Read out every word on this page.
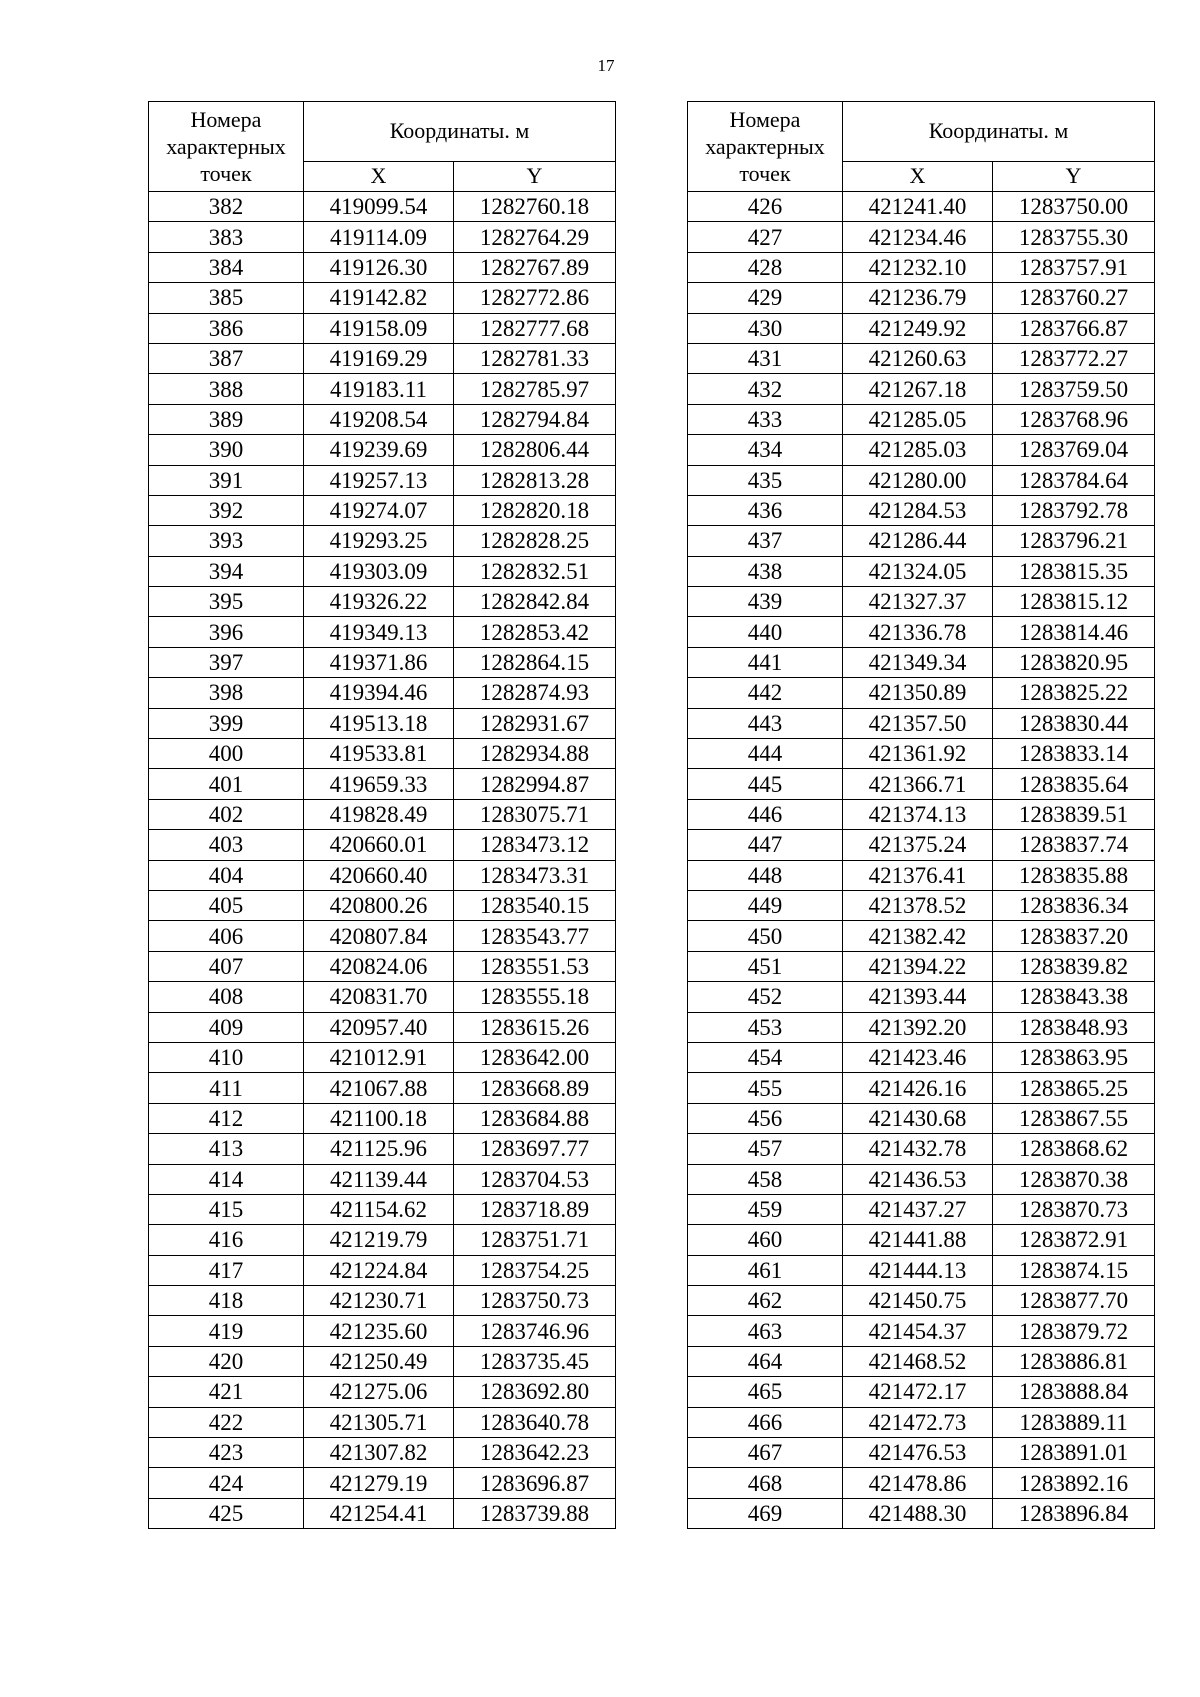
17
Номера характерных точек	Координаты. м	
	X	Y
382	419099.54	1282760.18
383	419114.09	1282764.29
384	419126.30	1282767.89
385	419142.82	1282772.86
386	419158.09	1282777.68
387	419169.29	1282781.33
388	419183.11	1282785.97
389	419208.54	1282794.84
390	419239.69	1282806.44
391	419257.13	1282813.28
392	419274.07	1282820.18
393	419293.25	1282828.25
394	419303.09	1282832.51
395	419326.22	1282842.84
396	419349.13	1282853.42
397	419371.86	1282864.15
398	419394.46	1282874.93
399	419513.18	1282931.67
400	419533.81	1282934.88
401	419659.33	1282994.87
402	419828.49	1283075.71
403	420660.01	1283473.12
404	420660.40	1283473.31
405	420800.26	1283540.15
406	420807.84	1283543.77
407	420824.06	1283551.53
408	420831.70	1283555.18
409	420957.40	1283615.26
410	421012.91	1283642.00
411	421067.88	1283668.89
412	421100.18	1283684.88
413	421125.96	1283697.77
414	421139.44	1283704.53
415	421154.62	1283718.89
416	421219.79	1283751.71
417	421224.84	1283754.25
418	421230.71	1283750.73
419	421235.60	1283746.96
420	421250.49	1283735.45
421	421275.06	1283692.80
422	421305.71	1283640.78
423	421307.82	1283642.23
424	421279.19	1283696.87
425	421254.41	1283739.88
Номера характерных точек	Координаты. м	
	X	Y
426	421241.40	1283750.00
427	421234.46	1283755.30
428	421232.10	1283757.91
429	421236.79	1283760.27
430	421249.92	1283766.87
431	421260.63	1283772.27
432	421267.18	1283759.50
433	421285.05	1283768.96
434	421285.03	1283769.04
435	421280.00	1283784.64
436	421284.53	1283792.78
437	421286.44	1283796.21
438	421324.05	1283815.35
439	421327.37	1283815.12
440	421336.78	1283814.46
441	421349.34	1283820.95
442	421350.89	1283825.22
443	421357.50	1283830.44
444	421361.92	1283833.14
445	421366.71	1283835.64
446	421374.13	1283839.51
447	421375.24	1283837.74
448	421376.41	1283835.88
449	421378.52	1283836.34
450	421382.42	1283837.20
451	421394.22	1283839.82
452	421393.44	1283843.38
453	421392.20	1283848.93
454	421423.46	1283863.95
455	421426.16	1283865.25
456	421430.68	1283867.55
457	421432.78	1283868.62
458	421436.53	1283870.38
459	421437.27	1283870.73
460	421441.88	1283872.91
461	421444.13	1283874.15
462	421450.75	1283877.70
463	421454.37	1283879.72
464	421468.52	1283886.81
465	421472.17	1283888.84
466	421472.73	1283889.11
467	421476.53	1283891.01
468	421478.86	1283892.16
469	421488.30	1283896.84
